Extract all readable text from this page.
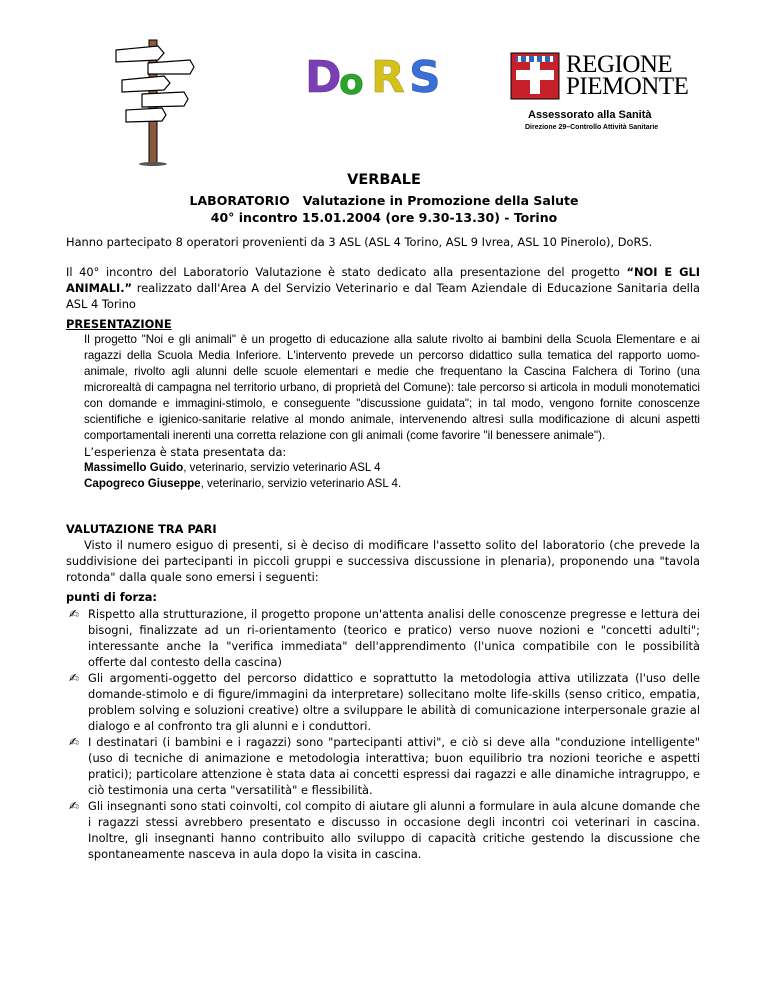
D
o R S	REGIONE
PIEMONTE
Assessorato alla Sanità
Direzione 29–Controllo Attività Sanitarie
VERBALE
LABORATORIO   Valutazione in Promozione della Salute
40° incontro 15.01.2004 (ore 9.30-13.30) - Torino
Hanno partecipato 8 operatori provenienti da 3 ASL (ASL 4 Torino, ASL 9 Ivrea, ASL 10 Pinerolo), DoRS.
Il 40° incontro del Laboratorio Valutazione è stato dedicato alla presentazione del progetto “NOI E GLI ANIMALI.” realizzato dall'Area A del Servizio Veterinario e dal Team Aziendale di Educazione Sanitaria della ASL 4 Torino
PRESENTAZIONE
Il progetto "Noi e gli animali" è un progetto di educazione alla salute rivolto ai bambini della Scuola Elementare e ai ragazzi della Scuola Media Inferiore. L'intervento prevede un percorso didattico sulla tematica del rapporto uomo-animale, rivolto agli alunni delle scuole elementari e medie che frequentano la Cascina Falchera di Torino (una microrealtà di campagna nel territorio urbano, di proprietà del Comune): tale percorso si articola in moduli monotematici con domande e immagini-stimolo, e conseguente "discussione guidata"; in tal modo, vengono fornite conoscenze scientifiche e igienico-sanitarie relative al mondo animale, intervenendo altresì sulla modificazione di alcuni aspetti comportamentali inerenti una corretta relazione con gli animali (come favorire "il benessere animale").
L’esperienza è stata presentata da:
Massimello Guido, veterinario, servizio veterinario ASL 4
Capogreco Giuseppe, veterinario, servizio veterinario ASL 4.
VALUTAZIONE TRA PARI
Visto il numero esiguo di presenti, si è deciso di modificare l'assetto solito del laboratorio (che prevede la suddivisione dei partecipanti in piccoli gruppi e successiva discussione in plenaria), proponendo una "tavola rotonda" dalla quale sono emersi i seguenti:
punti di forza:
✍ Rispetto alla strutturazione, il progetto propone un'attenta analisi delle conoscenze pregresse e lettura dei bisogni, finalizzate ad un ri-orientamento (teorico e pratico) verso nuove nozioni e "concetti adulti"; interessante anche la "verifica immediata" dell'apprendimento (l'unica compatibile con le possibilità offerte dal contesto della cascina)
✍ Gli argomenti-oggetto del percorso didattico e soprattutto la metodologia attiva utilizzata (l'uso delle domande-stimolo e di figure/immagini da interpretare) sollecitano molte life-skills (senso critico, empatia, problem solving e soluzioni creative) oltre a sviluppare le abilità di comunicazione interpersonale grazie al dialogo e al confronto tra gli alunni e i conduttori.
✍ I destinatari (i bambini e i ragazzi) sono "partecipanti attivi", e ciò si deve alla "conduzione intelligente" (uso di tecniche di animazione e metodologia interattiva; buon equilibrio tra nozioni teoriche e aspetti pratici); particolare attenzione è stata data ai concetti espressi dai ragazzi e alle dinamiche intragruppo, e ciò testimonia una certa "versatilità" e flessibilità.
✍ Gli insegnanti sono stati coinvolti, col compito di aiutare gli alunni a formulare in aula alcune domande che i ragazzi stessi avrebbero presentato e discusso in occasione degli incontri coi veterinari in cascina. Inoltre, gli insegnanti hanno contribuito allo sviluppo di capacità critiche gestendo la discussione che spontaneamente nasceva in aula dopo la visita in cascina.
